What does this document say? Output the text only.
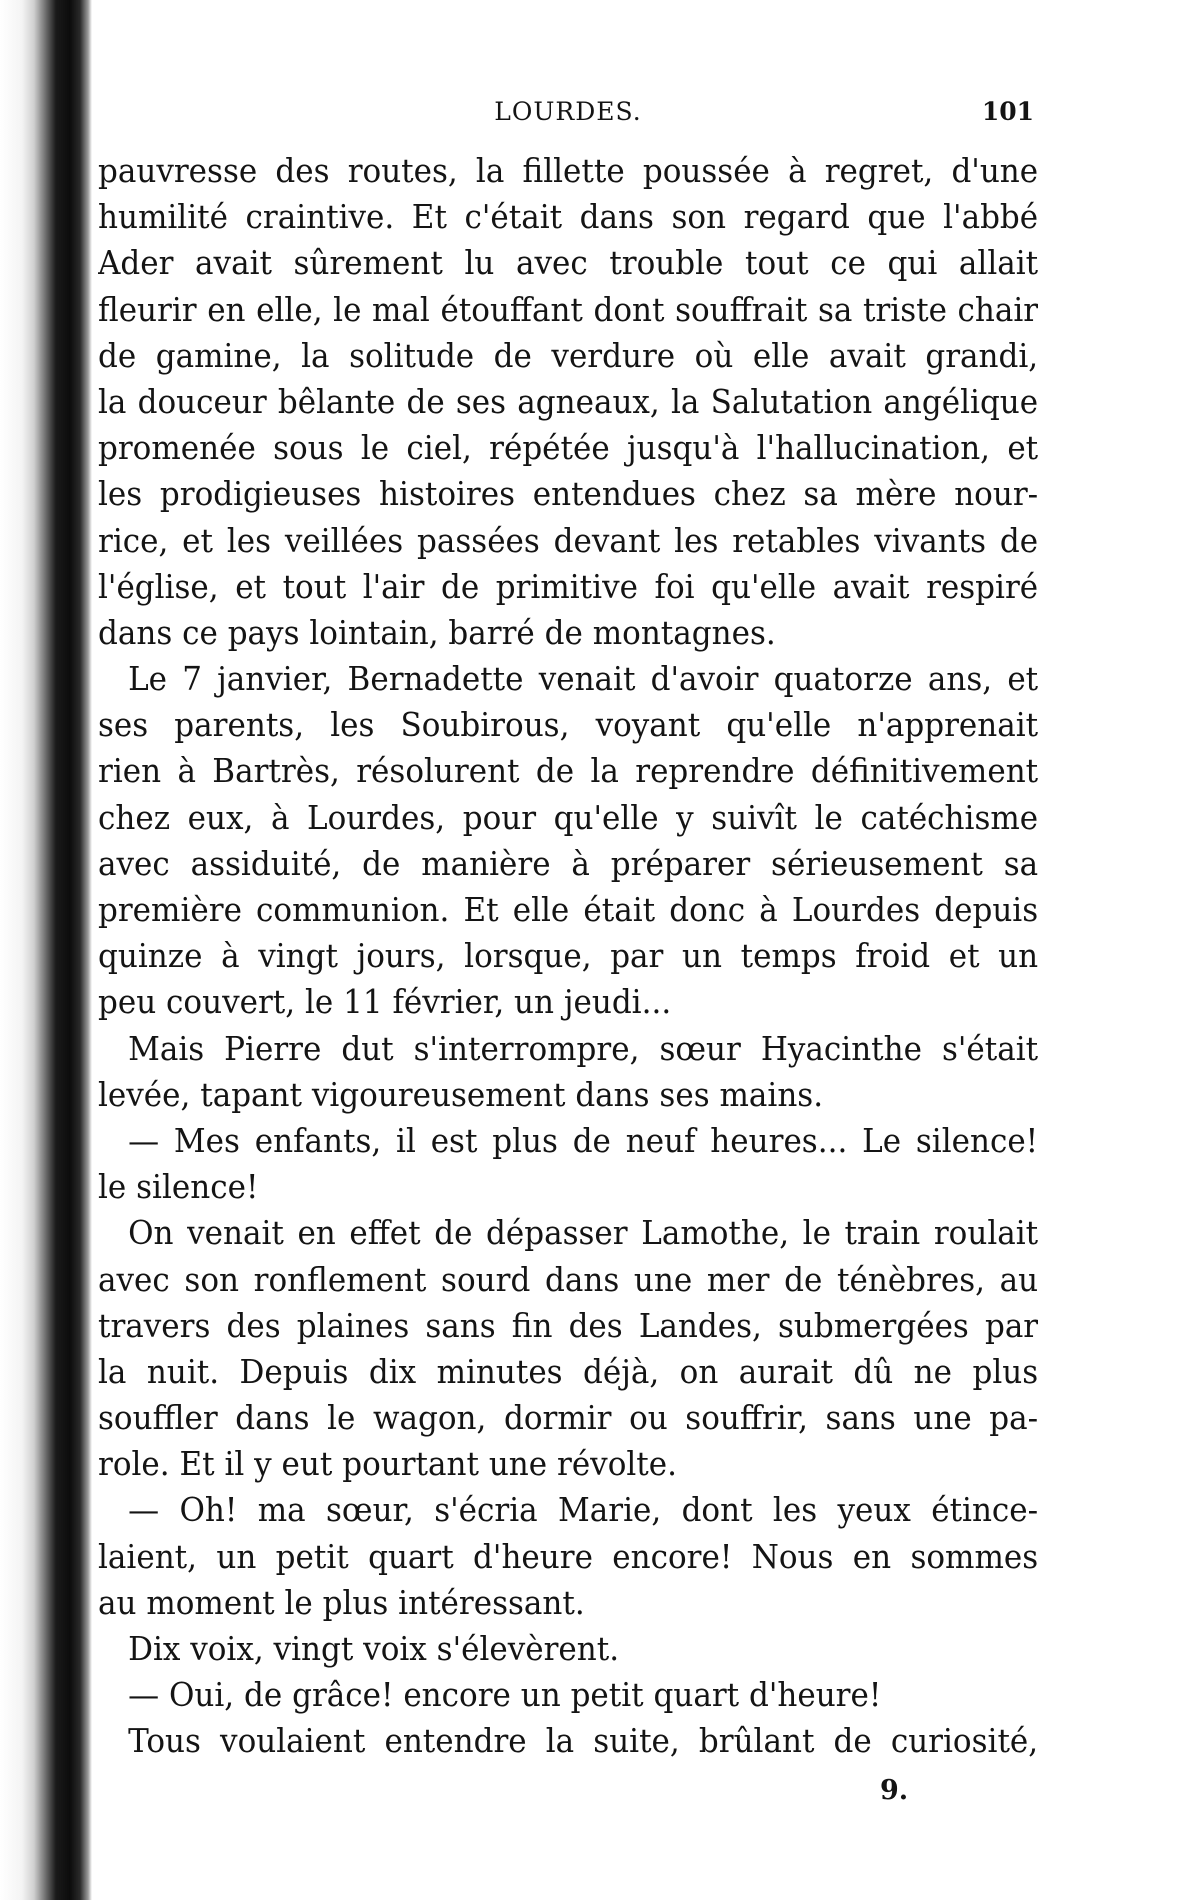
LOURDES.	101
pauvresse des routes, la fillette poussée à regret, d'une
humilité craintive. Et c'était dans son regard que l'abbé
Ader avait sûrement lu avec trouble tout ce qui allait
fleurir en elle, le mal étouffant dont souffrait sa triste chair
de gamine, la solitude de verdure où elle avait grandi,
la douceur bêlante de ses agneaux, la Salutation angélique
promenée sous le ciel, répétée jusqu'à l'hallucination, et
les prodigieuses histoires entendues chez sa mère nour-
rice, et les veillées passées devant les retables vivants de
l'église, et tout l'air de primitive foi qu'elle avait respiré
dans ce pays lointain, barré de montagnes.
Le 7 janvier, Bernadette venait d'avoir quatorze ans, et
ses parents, les Soubirous, voyant qu'elle n'apprenait
rien à Bartrès, résolurent de la reprendre définitivement
chez eux, à Lourdes, pour qu'elle y suivît le catéchisme
avec assiduité, de manière à préparer sérieusement sa
première communion. Et elle était donc à Lourdes depuis
quinze à vingt jours, lorsque, par un temps froid et un
peu couvert, le 11 février, un jeudi...
Mais Pierre dut s'interrompre, sœur Hyacinthe s'était
levée, tapant vigoureusement dans ses mains.
— Mes enfants, il est plus de neuf heures... Le silence!
le silence!
On venait en effet de dépasser Lamothe, le train roulait
avec son ronflement sourd dans une mer de ténèbres, au
travers des plaines sans fin des Landes, submergées par
la nuit. Depuis dix minutes déjà, on aurait dû ne plus
souffler dans le wagon, dormir ou souffrir, sans une pa-
role. Et il y eut pourtant une révolte.
— Oh! ma sœur, s'écria Marie, dont les yeux étince-
laient, un petit quart d'heure encore! Nous en sommes
au moment le plus intéressant.
Dix voix, vingt voix s'élevèrent.
— Oui, de grâce! encore un petit quart d'heure!
Tous voulaient entendre la suite, brûlant de curiosité,
9.
